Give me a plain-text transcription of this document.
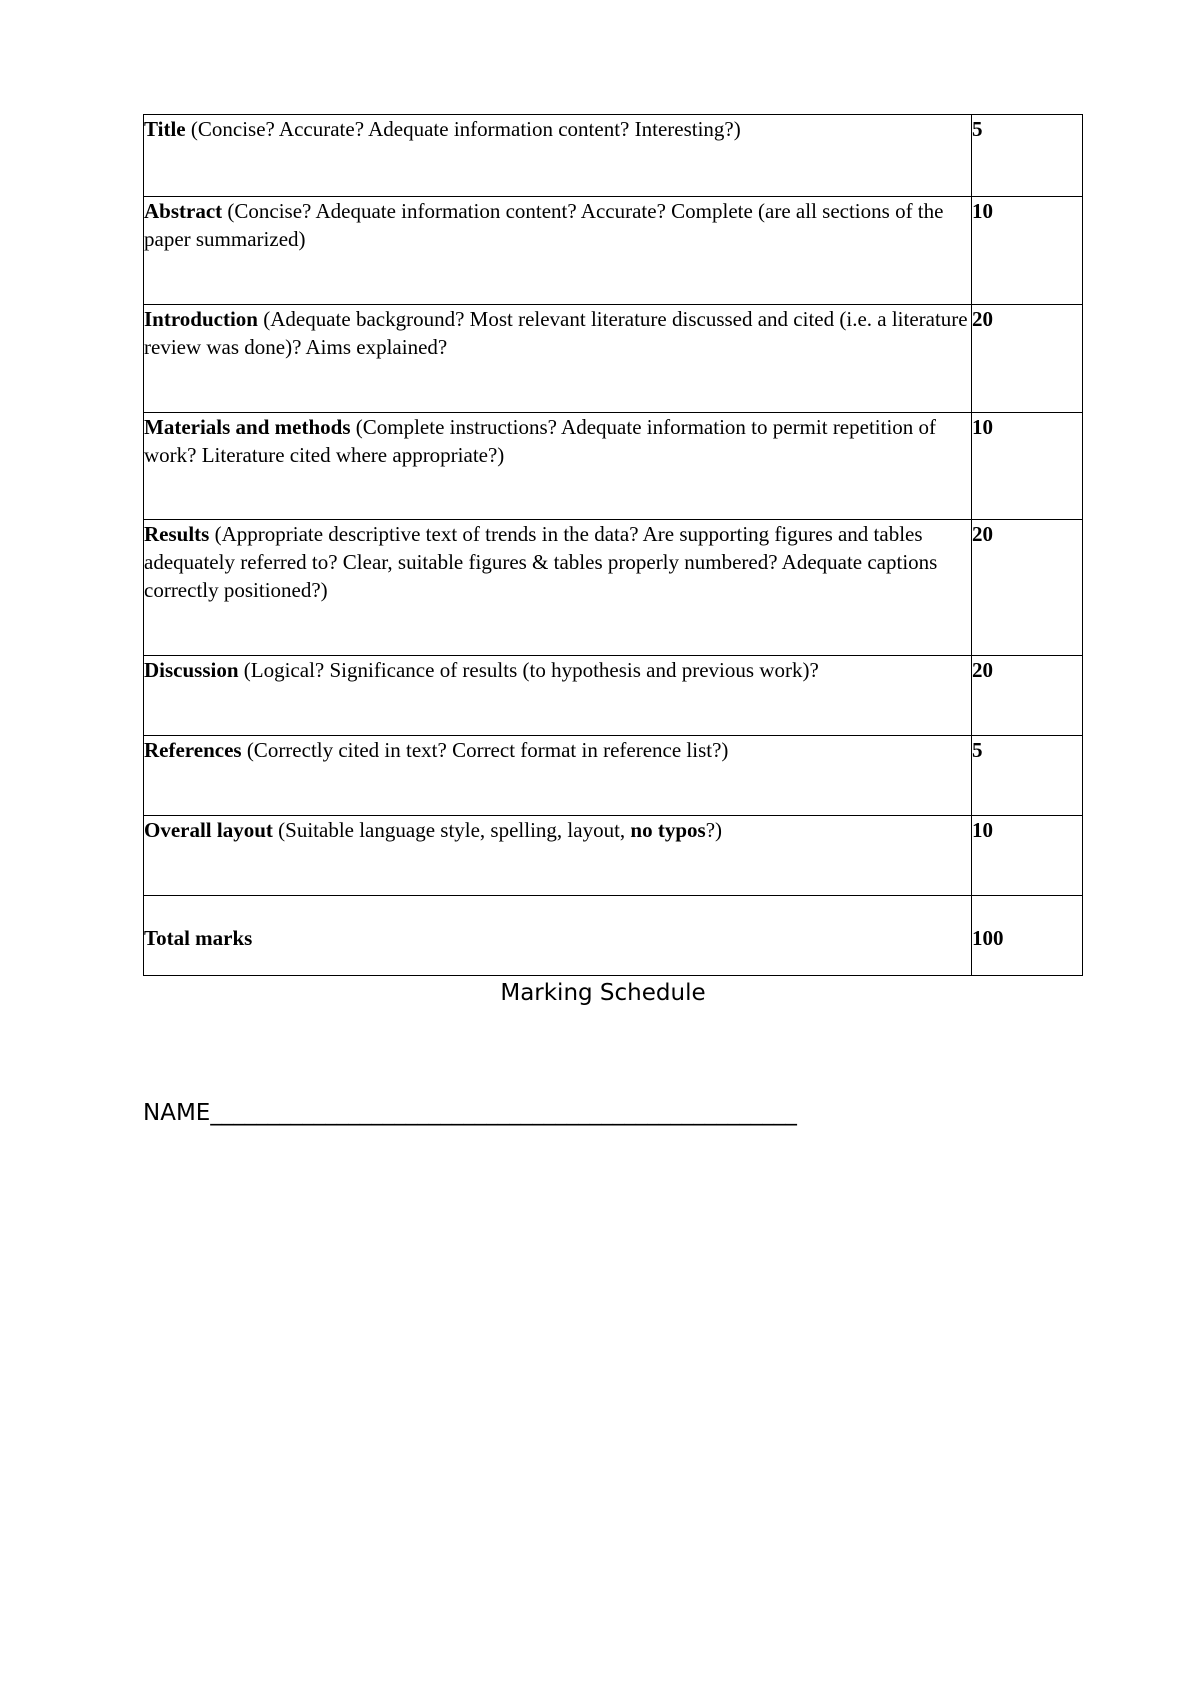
Title (Concise? Accurate? Adequate information content? Interesting?)	5
Abstract (Concise? Adequate information content? Accurate? Complete (are all sections of the paper summarized)	10
Introduction (Adequate background? Most relevant literature discussed and cited (i.e. a literature review was done)? Aims explained?	20
Materials and methods (Complete instructions? Adequate information to permit repetition of work? Literature cited where appropriate?)	10
Results (Appropriate descriptive text of trends in the data? Are supporting figures and tables adequately referred to? Clear, suitable figures & tables properly numbered? Adequate captions correctly positioned?)	20
Discussion (Logical? Significance of results (to hypothesis and previous work)?	20
References (Correctly cited in text? Correct format in reference list?)	5
Overall layout (Suitable language style, spelling, layout, no typos?)	10
Total marks	100
Marking Schedule
NAME___________________________________________________
